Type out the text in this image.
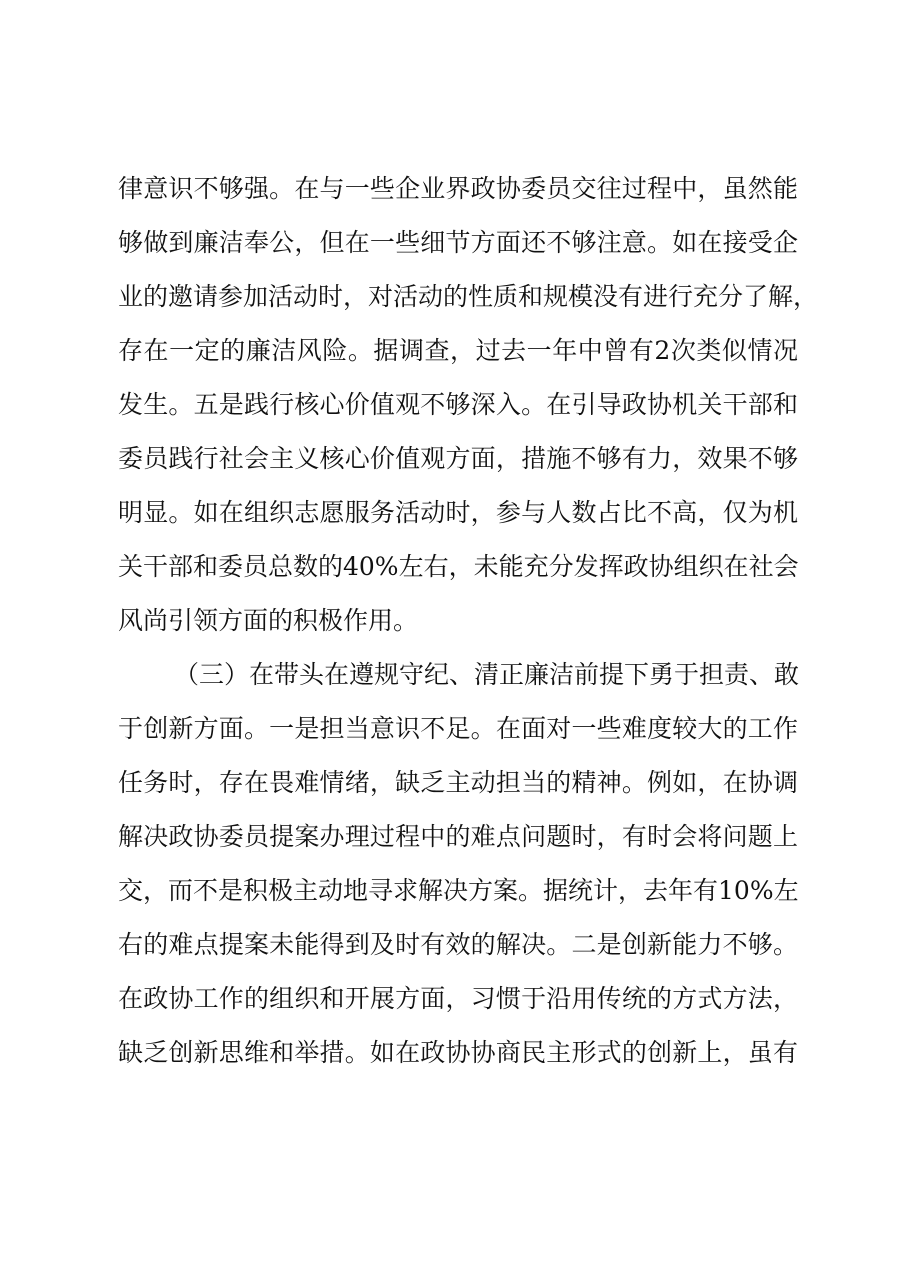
律意识不够强。在与一些企业界政协委员交往过程中，虽然能
够做到廉洁奉公，但在一些细节方面还不够注意。如在接受企
业的邀请参加活动时，对活动的性质和规模没有进行充分了解，
存在一定的廉洁风险。据调查，过去一年中曾有2次类似情况
发生。五是践行核心价值观不够深入。在引导政协机关干部和
委员践行社会主义核心价值观方面，措施不够有力，效果不够
明显。如在组织志愿服务活动时，参与人数占比不高，仅为机
关干部和委员总数的40%左右，未能充分发挥政协组织在社会
风尚引领方面的积极作用。
（三）在带头在遵规守纪、清正廉洁前提下勇于担责、敢
于创新方面。一是担当意识不足。在面对一些难度较大的工作
任务时，存在畏难情绪，缺乏主动担当的精神。例如，在协调
解决政协委员提案办理过程中的难点问题时，有时会将问题上
交，而不是积极主动地寻求解决方案。据统计，去年有10%左
右的难点提案未能得到及时有效的解决。二是创新能力不够。
在政协工作的组织和开展方面，习惯于沿用传统的方式方法，
缺乏创新思维和举措。如在政协协商民主形式的创新上，虽有
